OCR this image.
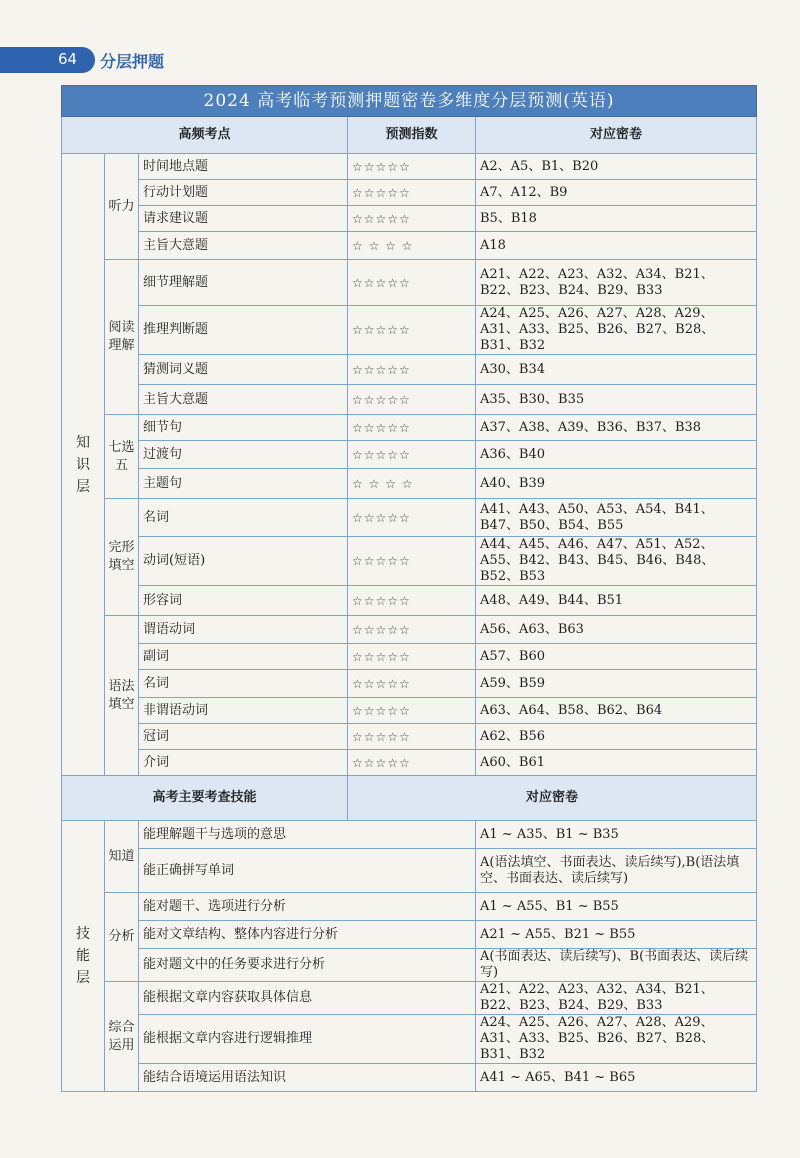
64 分层押题
2024 高考临考预测押题密卷多维度分层预测(英语)				
高频考点			预测指数	对应密卷
知
识
层	听力	时间地点题	☆☆☆☆☆	A2、A5、B1、B20
		行动计划题	☆☆☆☆☆	A7、A12、B9
		请求建议题	☆☆☆☆☆	B5、B18
		主旨大意题	☆ ☆ ☆ ☆	A18
	阅读
理解	细节理解题	☆☆☆☆☆	A21、A22、A23、A32、A34、B21、B22、B23、B24、B29、B33
		推理判断题	☆☆☆☆☆	A24、A25、A26、A27、A28、A29、A31、A33、B25、B26、B27、B28、B31、B32
		猜测词义题	☆☆☆☆☆	A30、B34
		主旨大意题	☆☆☆☆☆	A35、B30、B35
	七选
五	细节句	☆☆☆☆☆	A37、A38、A39、B36、B37、B38
		过渡句	☆☆☆☆☆	A36、B40
		主题句	☆ ☆ ☆ ☆	A40、B39
	完形
填空	名词	☆☆☆☆☆	A41、A43、A50、A53、A54、B41、B47、B50、B54、B55
		动词(短语)	☆☆☆☆☆	A44、A45、A46、A47、A51、A52、A55、B42、B43、B45、B46、B48、B52、B53
		形容词	☆☆☆☆☆	A48、A49、B44、B51
	语法
填空	谓语动词	☆☆☆☆☆	A56、A63、B63
		副词	☆☆☆☆☆	A57、B60
		名词	☆☆☆☆☆	A59、B59
		非谓语动词	☆☆☆☆☆	A63、A64、B58、B62、B64
		冠词	☆☆☆☆☆	A62、B56
		介词	☆☆☆☆☆	A60、B61
高考主要考查技能			对应密卷	
技
能
层	知道	能理解题干与选项的意思		A1 ~ A35、B1 ~ B35
		能正确拼写单词		A(语法填空、书面表达、读后续写),B(语法填空、书面表达、读后续写)
	分析	能对题干、选项进行分析		A1 ~ A55、B1 ~ B55
		能对文章结构、整体内容进行分析		A21 ~ A55、B21 ~ B55
		能对题文中的任务要求进行分析		A(书面表达、读后续写)、B(书面表达、读后续写)
	综合
运用	能根据文章内容获取具体信息		A21、A22、A23、A32、A34、B21、B22、B23、B24、B29、B33
		能根据文章内容进行逻辑推理		A24、A25、A26、A27、A28、A29、A31、A33、B25、B26、B27、B28、B31、B32
		能结合语境运用语法知识		A41 ~ A65、B41 ~ B65
